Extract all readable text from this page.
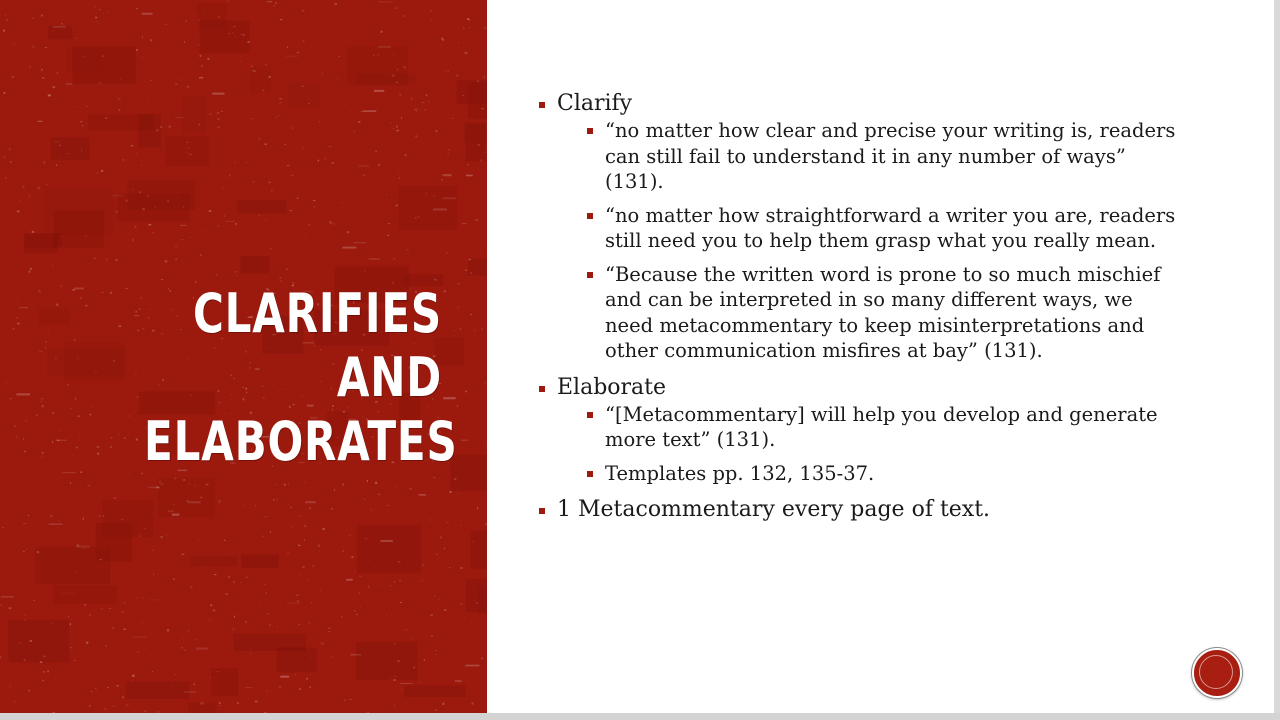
CLARIFIES AND
ELABORATES
Clarify
“no matter how clear and precise your writing is, readers can still fail to understand it in any number of ways” (131).
“no matter how straightforward a writer you are, readers still need you to help them grasp what you really mean.
“Because the written word is prone to so much mischief and can be interpreted in so many different ways, we need metacommentary to keep misinterpretations and other communication misfires at bay” (131).
Elaborate
“[Metacommentary] will help you develop and generate more text” (131).
Templates pp. 132, 135-37.
1 Metacommentary every page of text.
